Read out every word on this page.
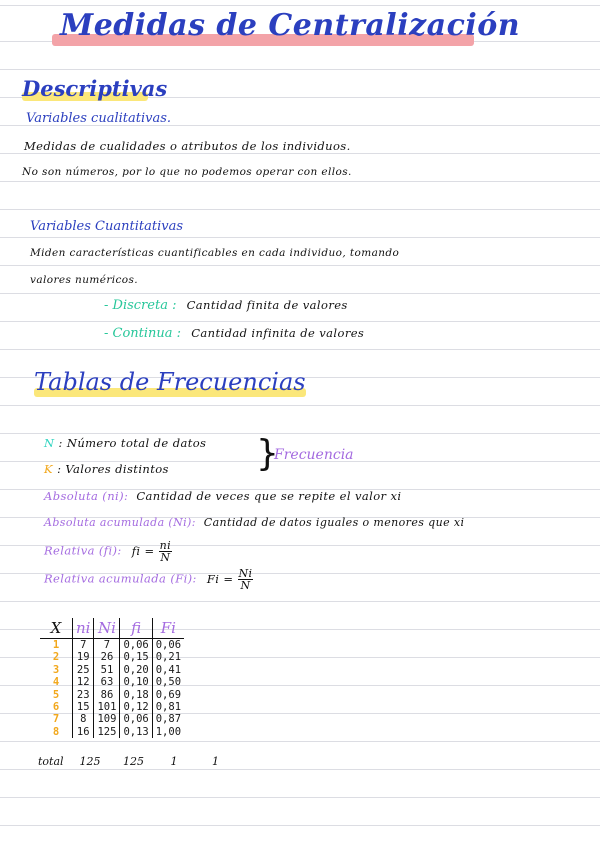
Medidas de Centralización
Descriptivas
Variables cualitativas.
Medidas de cualidades o atributos de los individuos.
No son números, por lo que no podemos operar con ellos.
Variables Cuantitativas
Miden características cuantificables en cada individuo, tomando
valores numéricos.
- Discreta : Cantidad finita de valores
- Continua : Cantidad infinita de valores
Tablas de Frecuencias
N : Número total de datos
K : Valores distintos }
Frecuencia
Absoluta (ni): Cantidad de veces que se repite el valor xi
Absoluta acumulada (Ni): Cantidad de datos iguales o menores que xi
Relativa (fi): fi = $\frac{ni}{N}$
Relativa acumulada (Fi): $Fi = \frac{Ni}{N}$
X	ni	Ni	fi	Fi
1	7	7	0,06	0,06
2	19	26	0,15	0,21
3	25	51	0,20	0,41
4	12	63	0,10	0,50
5	23	86	0,18	0,69
6	15	101	0,12	0,81
7	8	109	0,06	0,87
8	16	125	0,13	1,00
total 125 125 1	1
